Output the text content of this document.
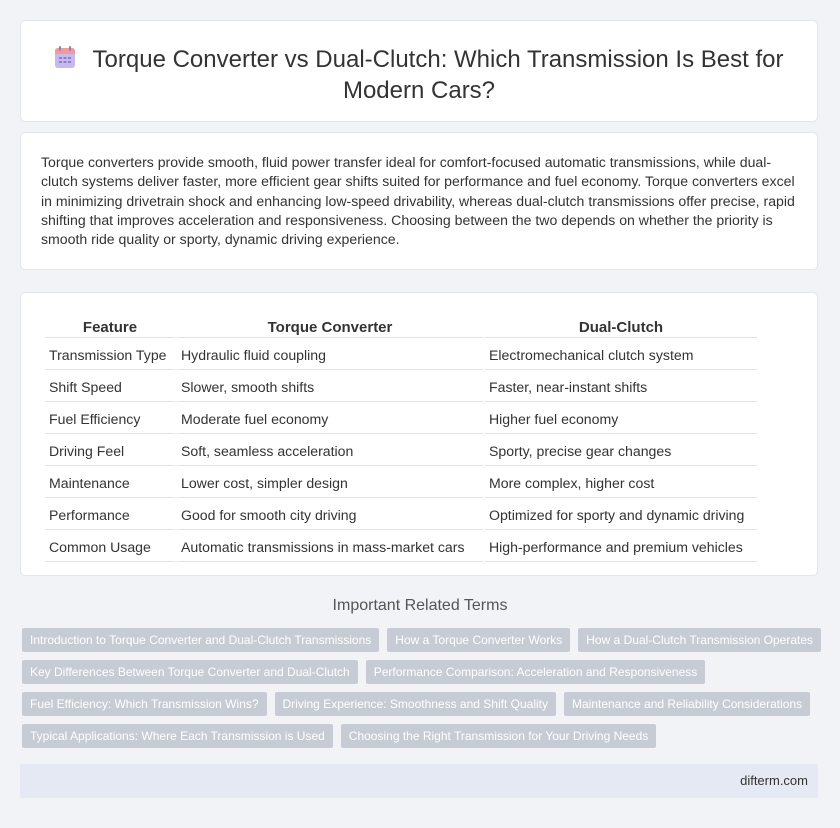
Torque Converter vs Dual-Clutch: Which Transmission Is Best for Modern Cars?

Torque converters provide smooth, fluid power transfer ideal for comfort-focused automatic transmissions, while dual-clutch systems deliver faster, more efficient gear shifts suited for performance and fuel economy. Torque converters excel in minimizing drivetrain shock and enhancing low-speed drivability, whereas dual-clutch transmissions offer precise, rapid shifting that improves acceleration and responsiveness. Choosing between the two depends on whether the priority is smooth ride quality or sporty, dynamic driving experience.

Feature	Torque Converter	Dual-Clutch
Transmission Type	Hydraulic fluid coupling	Electromechanical clutch system
Shift Speed	Slower, smooth shifts	Faster, near-instant shifts
Fuel Efficiency	Moderate fuel economy	Higher fuel economy
Driving Feel	Soft, seamless acceleration	Sporty, precise gear changes
Maintenance	Lower cost, simpler design	More complex, higher cost
Performance	Good for smooth city driving	Optimized for sporty and dynamic driving
Common Usage	Automatic transmissions in mass-market cars	High-performance and premium vehicles
Important Related Terms
Introduction to Torque Converter and Dual-Clutch Transmissions	How a Torque Converter Works	How a Dual-Clutch Transmission Operates
Key Differences Between Torque Converter and Dual-Clutch	Performance Comparison: Acceleration and Responsiveness
Fuel Efficiency: Which Transmission Wins?	Driving Experience: Smoothness and Shift Quality	Maintenance and Reliability Considerations
Typical Applications: Where Each Transmission is Used	Choosing the Right Transmission for Your Driving Needs
difterm.com
